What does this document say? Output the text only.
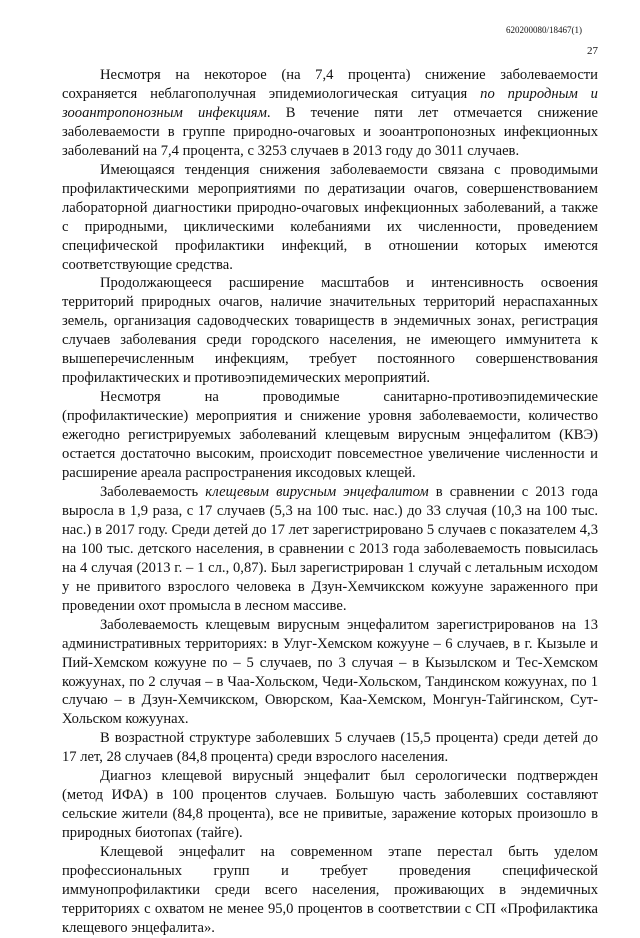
620200080/18467(1)
27

Несмотря на некоторое (на 7,4 процента) снижение заболеваемости сохраняется неблагополучная эпидемиологическая ситуация по природным и зооантропонозным инфекциям. В течение пяти лет отмечается снижение заболеваемости в группе природно-очаговых и зооантропонозных инфекционных заболеваний на 7,4 процента, с 3253 случаев в 2013 году до 3011 случаев.

Имеющаяся тенденция снижения заболеваемости связана с проводимыми профилактическими мероприятиями по дератизации очагов, совершенствованием лабораторной диагностики природно-очаговых инфекционных заболеваний, а также с природными, циклическими колебаниями их численности, проведением специфической профилактики инфекций, в отношении которых имеются соответствующие средства.

Продолжающееся расширение масштабов и интенсивность освоения территорий природных очагов, наличие значительных территорий нераспаханных земель, организация садоводческих товариществ в эндемичных зонах, регистрация случаев заболевания среди городского населения, не имеющего иммунитета к вышеперечисленным инфекциям, требует постоянного совершенствования профилактических и противоэпидемических мероприятий.

Несмотря на проводимые санитарно-противоэпидемические (профилактические) мероприятия и снижение уровня заболеваемости, количество ежегодно регистрируемых заболеваний клещевым вирусным энцефалитом (КВЭ) остается достаточно высоким, происходит повсеместное увеличение численности и расширение ареала распространения иксодовых клещей.

Заболеваемость клещевым вирусным энцефалитом в сравнении с 2013 года выросла в 1,9 раза, с 17 случаев (5,3 на 100 тыс. нас.) до 33 случая (10,3 на 100 тыс. нас.) в 2017 году. Среди детей до 17 лет зарегистрировано 5 случаев с показателем 4,3 на 100 тыс. детского населения, в сравнении с 2013 года заболеваемость повысилась на 4 случая (2013 г. – 1 сл., 0,87). Был зарегистрирован 1 случай с летальным исходом у не привитого взрослого человека в Дзун-Хемчикском кожууне зараженного при проведении охот промысла в лесном массиве.

Заболеваемость клещевым вирусным энцефалитом зарегистрированов на 13 административных территориях: в Улуг-Хемском кожууне – 6 случаев, в г. Кызыле и Пий-Хемском кожууне по – 5 случаев, по 3 случая – в Кызылском и Тес-Хемском кожуунах, по 2 случая – в Чаа-Хольском, Чеди-Хольском, Тандинском кожуунах, по 1 случаю – в Дзун-Хемчикском, Овюрском, Каа-Хемском, Монгун-Тайгинском, Сут-Хольском кожуунах.

В возрастной структуре заболевших 5 случаев (15,5 процента) среди детей до 17 лет, 28 случаев (84,8 процента) среди взрослого населения.

Диагноз клещевой вирусный энцефалит был серологически подтвержден (метод ИФА) в 100 процентов случаев. Большую часть заболевших составляют сельские жители (84,8 процента), все не привитые, заражение которых произошло в природных биотопах (тайге).

Клещевой энцефалит на современном этапе перестал быть уделом профессиональных групп и требует проведения специфической иммунопрофилактики среди всего населения, проживающих в эндемичных территориях с охватом не менее 95,0 процентов в соответствии с СП «Профилактика клещевого энцефалита».
